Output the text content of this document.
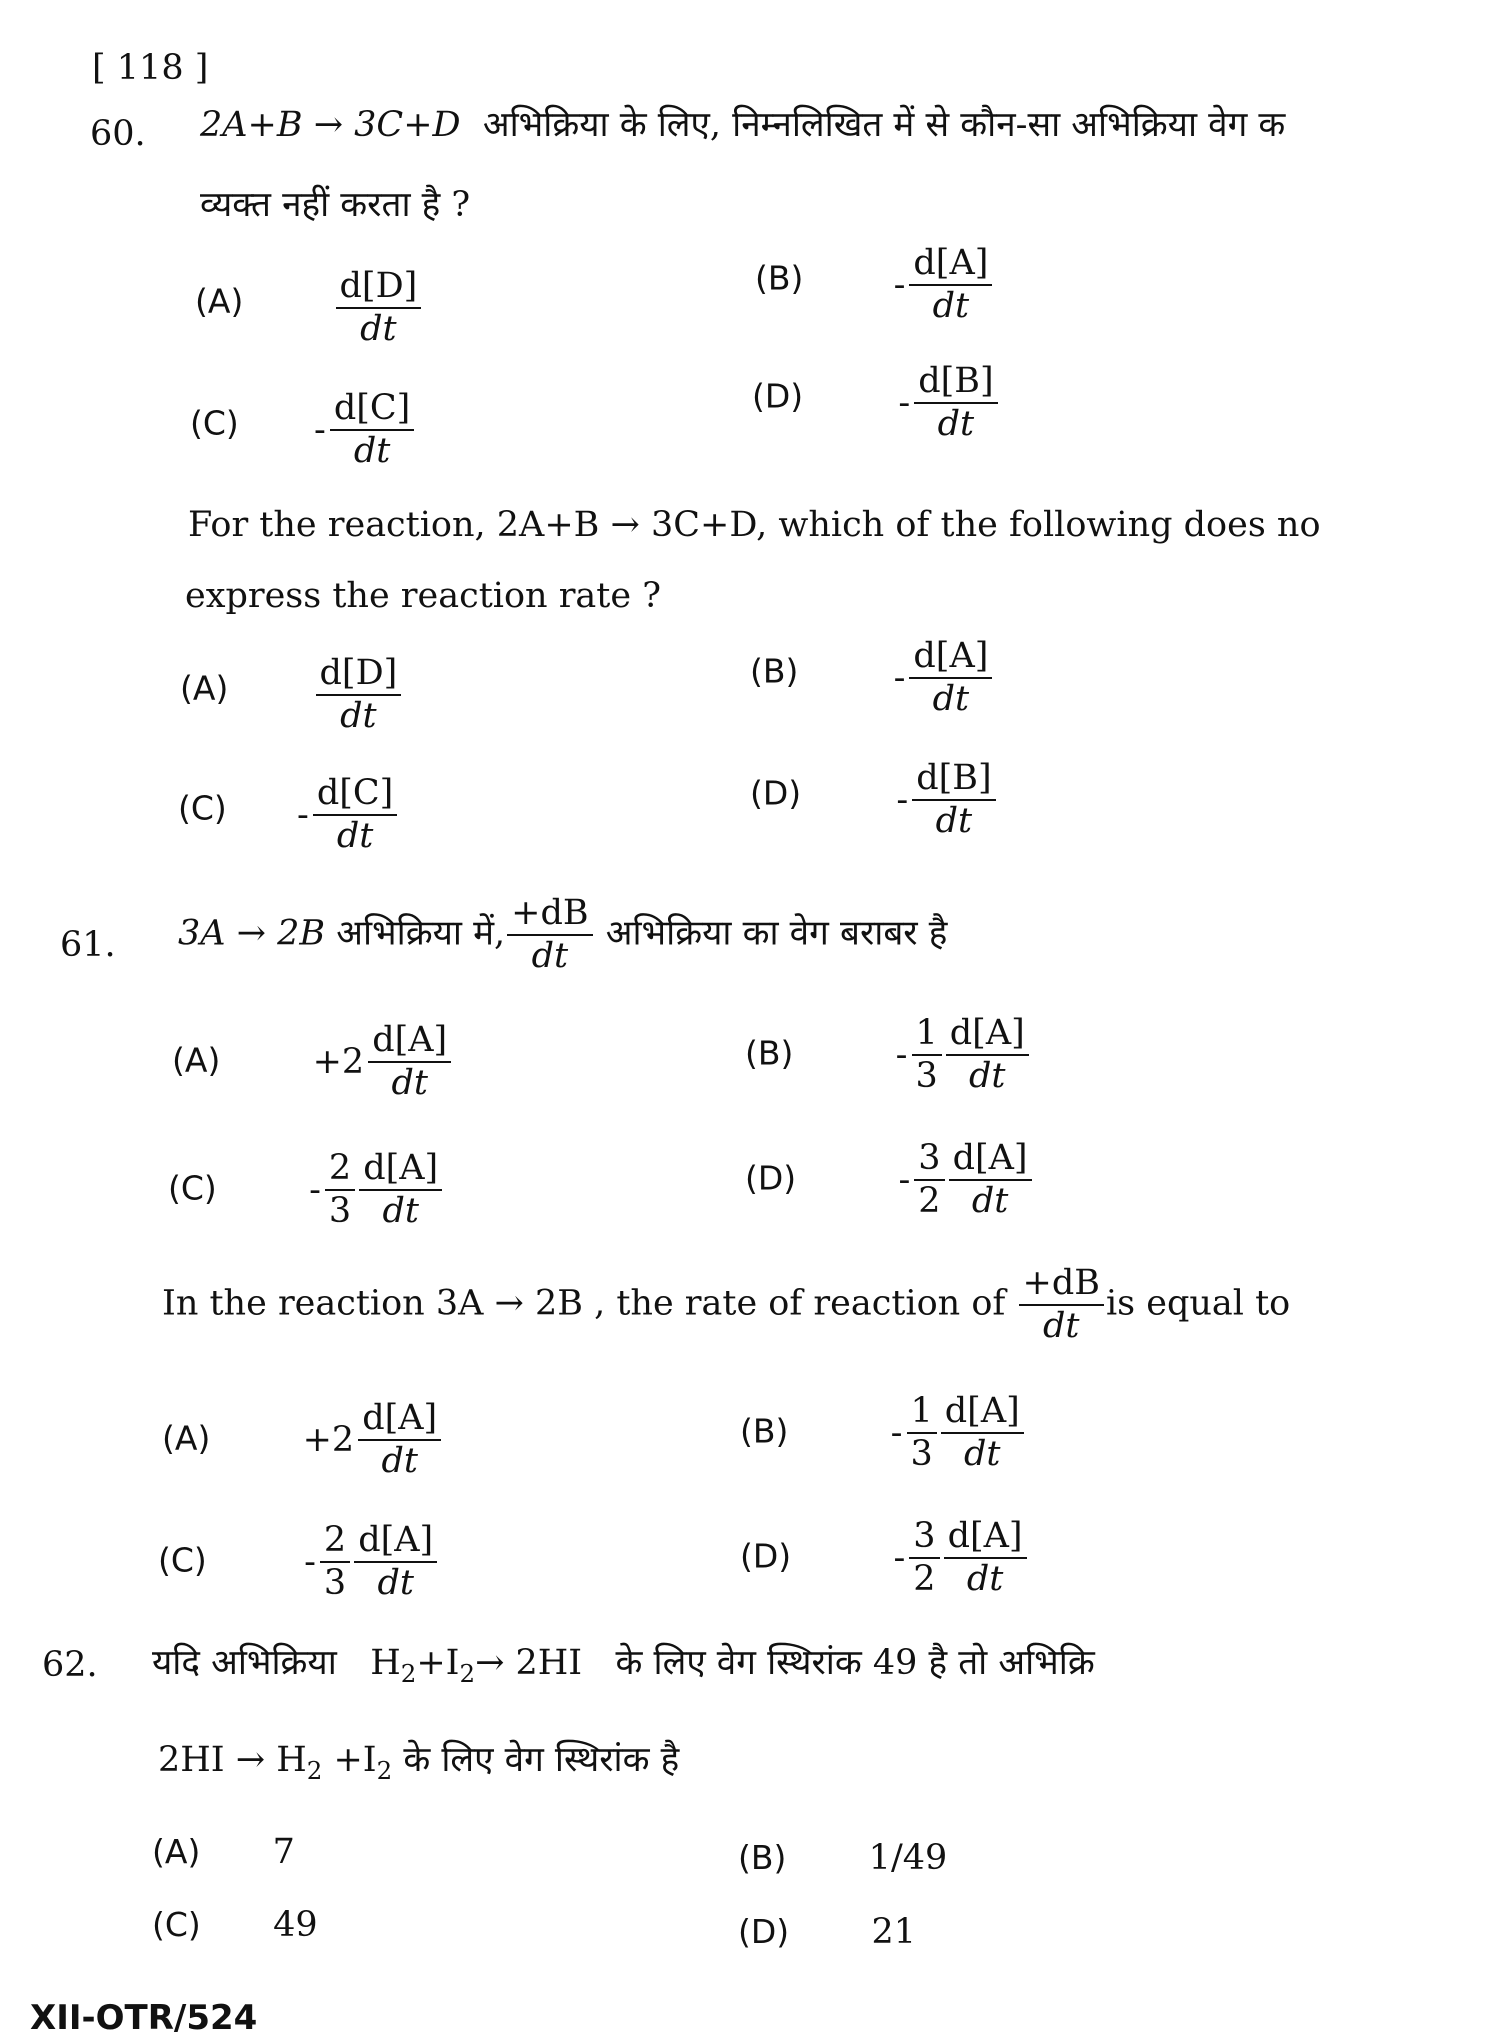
[ 118 ]
60. 2A+B → 3C+D अभिक्रिया के लिए, निम्नलिखित में से कौन-सा अभिक्रिया वेग क
व्यक्त नहीं करता है ?
(A)	$\frac{d[D]}{dt}$	(B)	- $\frac{d[A]}{dt}$
$(C) - \frac{d[C]}{dt}$	(D)	- $\frac{d[B]}{dt}$
For the reaction, 2A+B → 3C+D, which of the following does no
express the reaction rate ?
$(A) \frac{d[D]}{dt}$	(B)	- $\frac{d[A]}{dt}$
$(C) - \frac{d[C]}{dt}$	(D)	- $\frac{d[B]}{dt}$
61. 3A → 2B अभिक्रिया में, $\frac{+dB}{dt}$ अभिक्रिया का वेग बराबर है
(A)	$+2 \frac{d[A]}{dt}$	(B)	- $\frac{1}{3} \frac{d[A]}{dt}$
(C)	- $\frac{2}{3} \frac{d[A]}{dt}$	(D)	- $\frac{3}{2} \frac{d[A]}{dt}$
In the reaction 3A → 2B , the rate of reaction of $\frac{+dB}{dt}$ is equal to
(A)	$+2 \frac{d[A]}{dt}$	(B)	- $\frac{1}{3} \frac{d[A]}{dt}$
(C)	- $\frac{2}{3} \frac{d[A]}{dt}$	(D)	- $\frac{3}{2} \frac{d[A]}{dt}$
62. यदि अभिक्रिया $H_2+I_2\to 2HI$ के लिए वेग स्थिरांक 49 है तो अभिक्रि
$2HI \to H_2 +I_2$ के लिए वेग स्थिरांक है
(A) 7	(B) 1/49
(C) 49	(D) 21
XII-OTR/524
